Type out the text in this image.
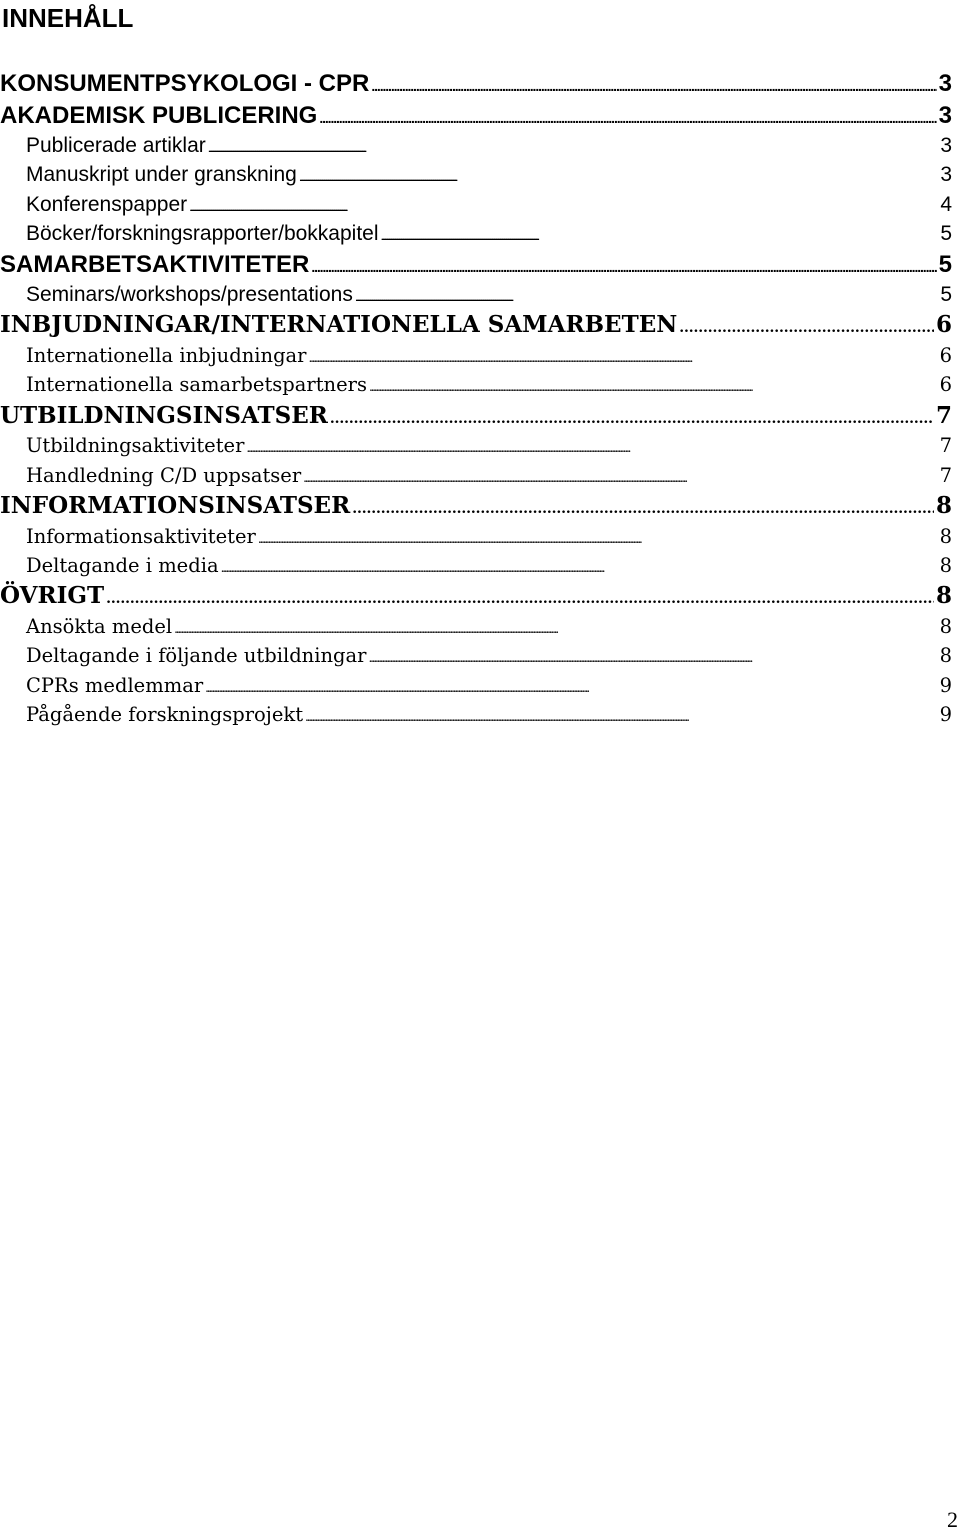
INNEHÅLL
KONSUMENTPSYKOLOGI - CPR . . .	3
AKADEMISK PUBLICERING . . .	3
Publicerade artiklar . . .	3
Manuskript under granskning . . .	3
Konferenspapper . . .	4
Böcker/forskningsrapporter/bokkapitel . . .	5
SAMARBETSAKTIVITETER . . .	5
Seminars/workshops/presentations . . .	5
INBJUDNINGAR/INTERNATIONELLA SAMARBETEN . . .	6
Internationella inbjudningar . . .	6
Internationella samarbetspartners . . .	6
UTBILDNINGSINSATSER . . .	7
Utbildningsaktiviteter . . .	7
Handledning C/D uppsatser . . .	7
INFORMATIONSINSATSER . . .	8
Informationsaktiviteter . . .	8
Deltagande i media . . .	8
ÖVRIGT . . .	8
Ansökta medel . . .	8
Deltagande i följande utbildningar . . .	8
CPRs medlemmar . . .	9
Pågående forskningsprojekt . . .	9
2
